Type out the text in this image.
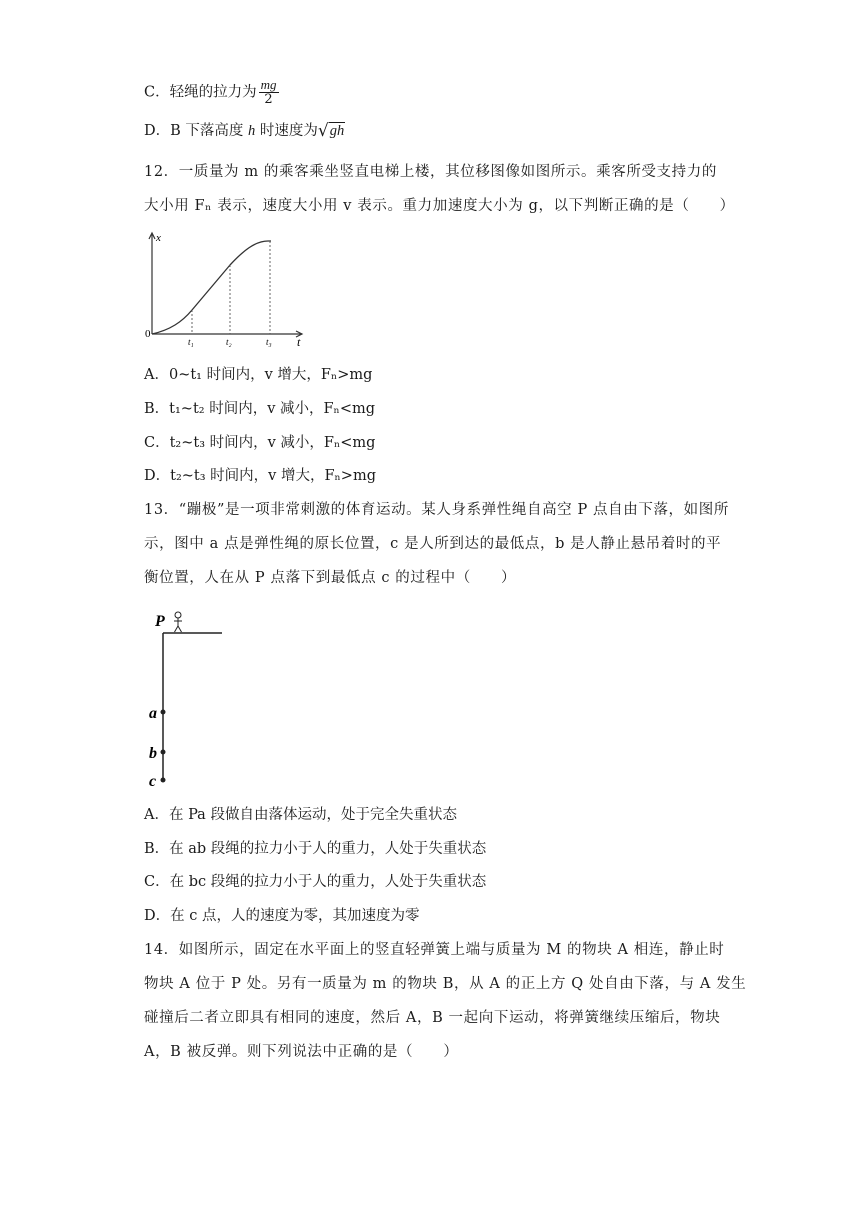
C．轻绳的拉力为 $\frac{mg}{2}$
D．B 下落高度 h 时速度为 √ gh
12．一质量为 m 的乘客乘坐竖直电梯上楼，其位移图像如图所示。乘客所受支持力的
大小用 Fₙ 表示，速度大小用 v 表示。重力加速度大小为 g，以下判断正确的是（　　）
x
t
0
t₁	t₂	t₃
A．0~t₁ 时间内，v 增大，Fₙ>mg
B．t₁~t₂ 时间内，v 减小，Fₙ<mg
C．t₂~t₃ 时间内，v 减小，Fₙ<mg
D．t₂~t₃ 时间内，v 增大，Fₙ>mg
13．“蹦极”是一项非常刺激的体育运动。某人身系弹性绳自高空 P 点自由下落，如图所
示，图中 a 点是弹性绳的原长位置，c 是人所到达的最低点，b 是人静止悬吊着时的平
衡位置，人在从 P 点落下到最低点 c 的过程中（　　）
P
a
b
c
A．在 Pa 段做自由落体运动，处于完全失重状态
B．在 ab 段绳的拉力小于人的重力，人处于失重状态
C．在 bc 段绳的拉力小于人的重力，人处于失重状态
D．在 c 点，人的速度为零，其加速度为零
14．如图所示，固定在水平面上的竖直轻弹簧上端与质量为 M 的物块 A 相连，静止时
物块 A 位于 P 处。另有一质量为 m 的物块 B，从 A 的正上方 Q 处自由下落，与 A 发生
碰撞后二者立即具有相同的速度，然后 A，B 一起向下运动，将弹簧继续压缩后，物块
A，B 被反弹。则下列说法中正确的是（　　）
